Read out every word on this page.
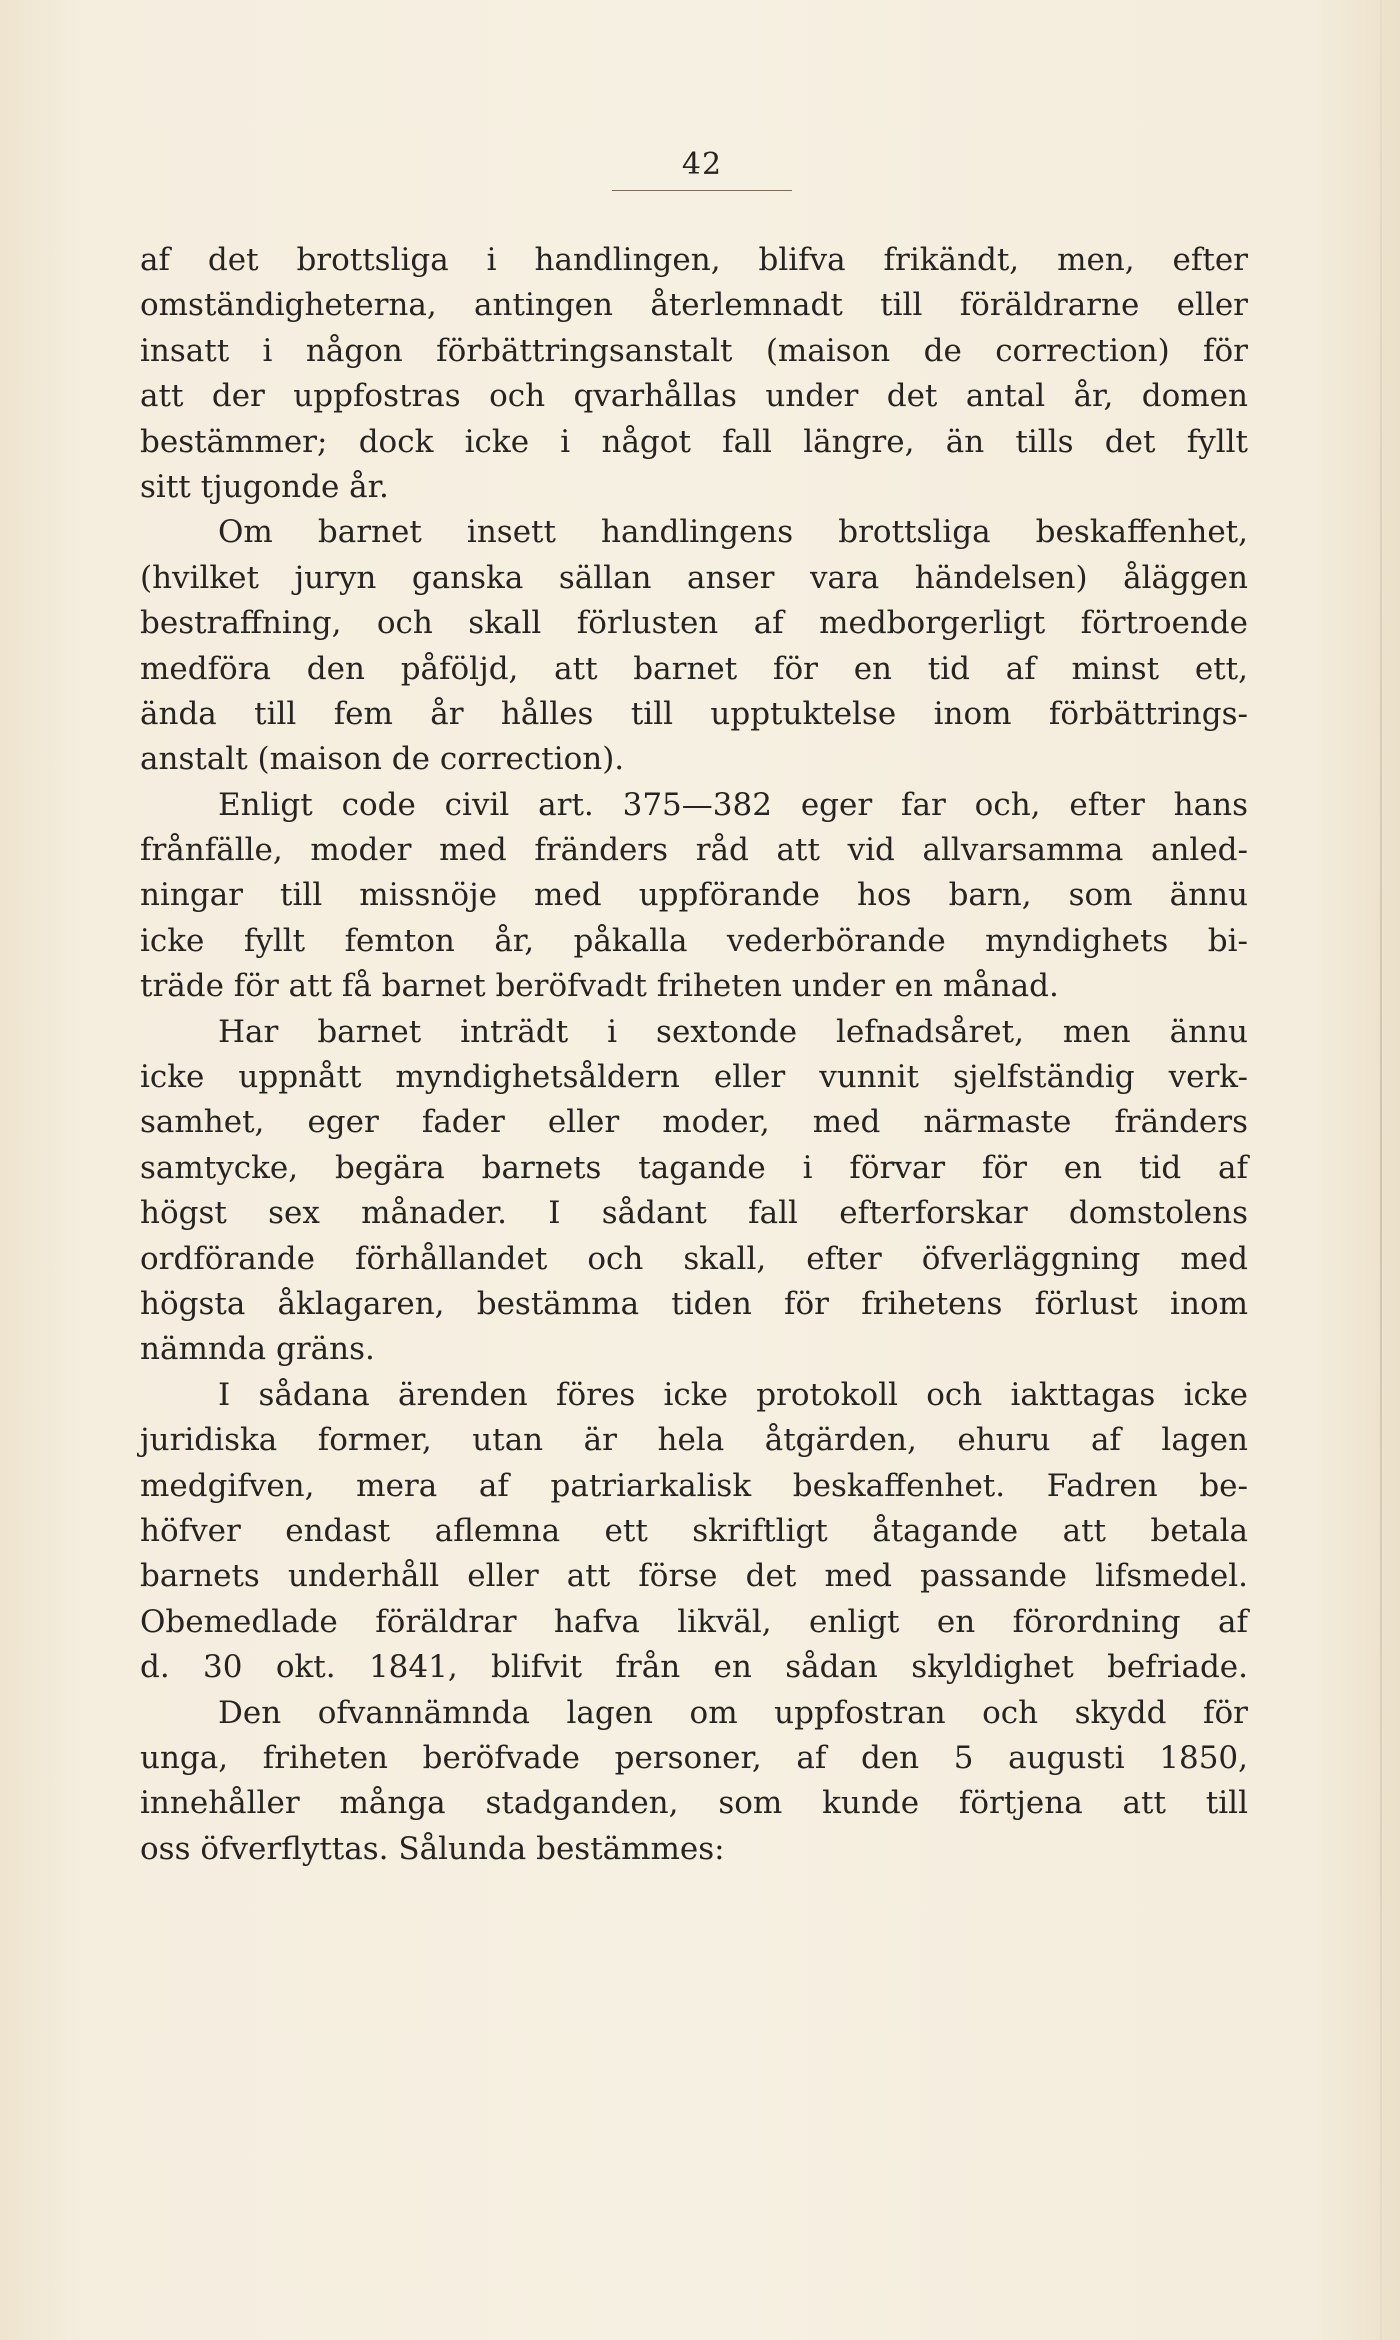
42
af det brottsliga i handlingen, blifva frikändt, men, efter
omständigheterna, antingen återlemnadt till föräldrarne eller
insatt i någon förbättringsanstalt (maison de correction) för
att der uppfostras och qvarhållas under det antal år, domen
bestämmer; dock icke i något fall längre, än tills det fyllt
sitt tjugonde år.
Om barnet insett handlingens brottsliga beskaffenhet,
(hvilket juryn ganska sällan anser vara händelsen) åläggen
bestraffning, och skall förlusten af medborgerligt förtroende
medföra den påföljd, att barnet för en tid af minst ett,
ända till fem år hålles till upptuktelse inom förbättrings-
anstalt (maison de correction).
Enligt code civil art. 375—382 eger far och, efter hans
frånfälle, moder med fränders råd att vid allvarsamma anled-
ningar till missnöje med uppförande hos barn, som ännu
icke fyllt femton år, påkalla vederbörande myndighets bi-
träde för att få barnet beröfvadt friheten under en månad.
Har barnet inträdt i sextonde lefnadsåret, men ännu
icke uppnått myndighetsåldern eller vunnit sjelfständig verk-
samhet, eger fader eller moder, med närmaste fränders
samtycke, begära barnets tagande i förvar för en tid af
högst sex månader. I sådant fall efterforskar domstolens
ordförande förhållandet och skall, efter öfverläggning med
högsta åklagaren, bestämma tiden för frihetens förlust inom
nämnda gräns.
I sådana ärenden föres icke protokoll och iakttagas icke
juridiska former, utan är hela åtgärden, ehuru af lagen
medgifven, mera af patriarkalisk beskaffenhet. Fadren be-
höfver endast aflemna ett skriftligt åtagande att betala
barnets underhåll eller att förse det med passande lifsmedel.
Obemedlade föräldrar hafva likväl, enligt en förordning af
d. 30 okt. 1841, blifvit från en sådan skyldighet befriade.
Den ofvannämnda lagen om uppfostran och skydd för
unga, friheten beröfvade personer, af den 5 augusti 1850,
innehåller många stadganden, som kunde förtjena att till
oss öfverflyttas. Sålunda bestämmes:
